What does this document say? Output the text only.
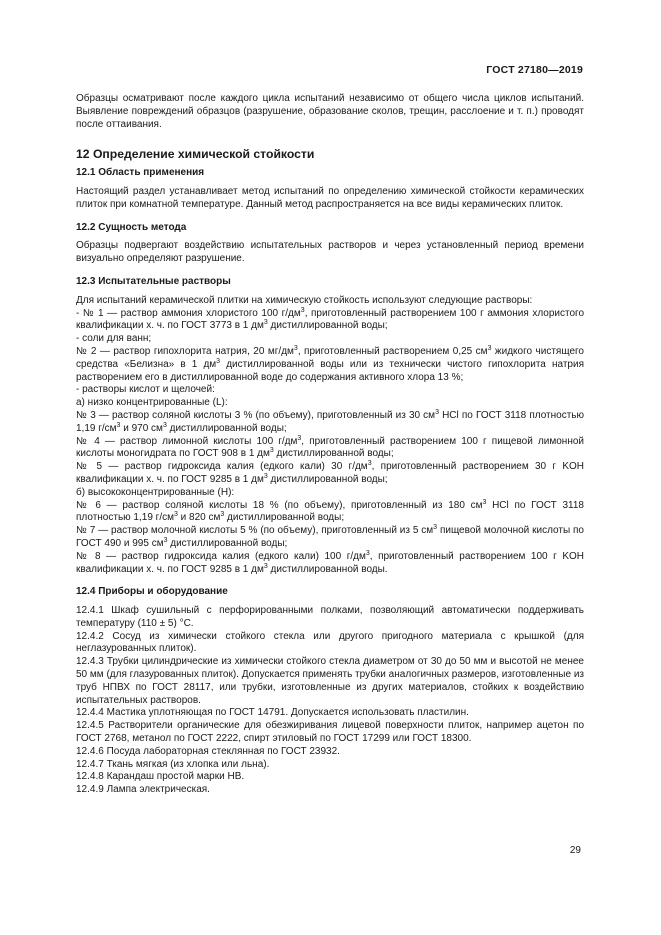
ГОСТ 27180—2019

Образцы осматривают после каждого цикла испытаний независимо от общего числа циклов испытаний. Выявление повреждений образцов (разрушение, образование сколов, трещин, расслоение и т. п.) проводят после оттаивания.

12 Определение химической стойкости
12.1 Область применения

Настоящий раздел устанавливает метод испытаний по определению химической стойкости керамических плиток при комнатной температуре. Данный метод распространяется на все виды керамических плиток.

12.2 Сущность метода

Образцы подвергают воздействию испытательных растворов и через установленный период времени визуально определяют разрушение.

12.3 Испытательные растворы

Для испытаний керамической плитки на химическую стойкость используют следующие растворы:

- № 1 — раствор аммония хлористого 100 $г/дм^3$, приготовленный растворением 100 г аммония хлористого квалификации х. ч. по ГОСТ 3773 в 1 $дм^3$ дистиллированной воды;

- соли для ванн;

№ 2 — раствор гипохлорита натрия, 20 $мг/дм^3$, приготовленный растворением 0,25 $см^3$ жидкого чистящего средства «Белизна» в 1 $дм^3$ дистиллированной воды или из технически чистого гипохлорита натрия растворением его в дистиллированной воде до содержания активного хлора 13 %;

- растворы кислот и щелочей:

а) низко концентрированные (L):

№ 3 — раствор соляной кислоты 3 % (по объему), приготовленный из 30 $см^3$ HCl по ГОСТ 3118 плотностью 1,19 $г/см^3$ и 970 $см^3$ дистиллированной воды;

№ 4 — раствор лимонной кислоты 100 $г/дм^3$, приготовленный растворением 100 г пищевой лимонной кислоты моногидрата по ГОСТ 908 в 1 $дм^3$ дистиллированной воды;

№ 5 — раствор гидроксида калия (едкого кали) 30 $г/дм^3$, приготовленный растворением 30 г KOH квалификации х. ч. по ГОСТ 9285 в 1 $дм^3$ дистиллированной воды;

б) высококонцентрированные (H):

№ 6 — раствор соляной кислоты 18 % (по объему), приготовленный из 180 $см^3$ HCl по ГОСТ 3118 плотностью 1,19 $г/см^3$ и 820 $см^3$ дистиллированной воды;

№ 7 — раствор молочной кислоты 5 % (по объему), приготовленный из 5 $см^3$ пищевой молочной кислоты по ГОСТ 490 и 995 $см^3$ дистиллированной воды;

№ 8 — раствор гидроксида калия (едкого кали) 100 $г/дм^3$, приготовленный растворением 100 г KOH квалификации х. ч. по ГОСТ 9285 в 1 $дм^3$ дистиллированной воды.

12.4 Приборы и оборудование

12.4.1 Шкаф сушильный с перфорированными полками, позволяющий автоматически поддерживать температуру (110 ± 5) °С.

12.4.2 Сосуд из химически стойкого стекла или другого пригодного материала с крышкой (для неглазурованных плиток).

12.4.3 Трубки цилиндрические из химически стойкого стекла диаметром от 30 до 50 мм и высотой не менее 50 мм (для глазурованных плиток). Допускается применять трубки аналогичных размеров, изготовленные из труб НПВХ по ГОСТ 28117, или трубки, изготовленные из других материалов, стойких к воздействию испытательных растворов.

12.4.4 Мастика уплотняющая по ГОСТ 14791. Допускается использовать пластилин.

12.4.5 Растворители органические для обезжиривания лицевой поверхности плиток, например ацетон по ГОСТ 2768, метанол по ГОСТ 2222, спирт этиловый по ГОСТ 17299 или ГОСТ 18300.

12.4.6 Посуда лабораторная стеклянная по ГОСТ 23932.

12.4.7 Ткань мягкая (из хлопка или льна).

12.4.8 Карандаш простой марки НВ.

12.4.9 Лампа электрическая.

29
